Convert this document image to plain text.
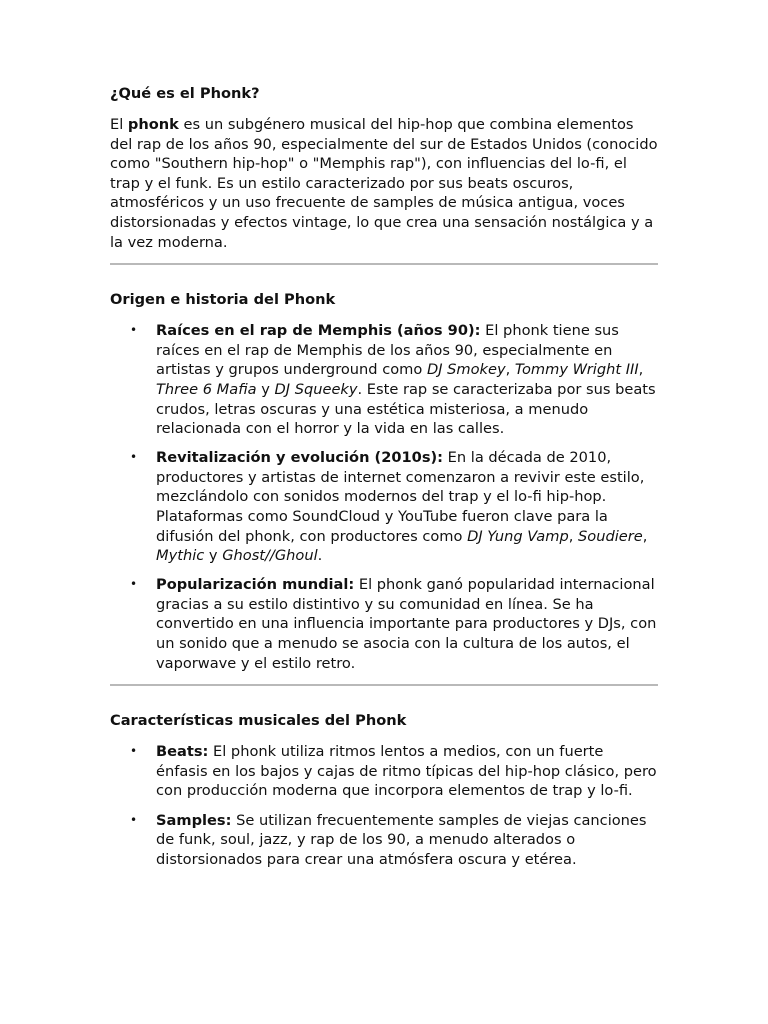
¿Qué es el Phonk?

El phonk es un subgénero musical del hip-hop que combina elementos del rap de los años 90, especialmente del sur de Estados Unidos (conocido como "Southern hip-hop" o "Memphis rap"), con influencias del lo-fi, el trap y el funk. Es un estilo caracterizado por sus beats oscuros, atmosféricos y un uso frecuente de samples de música antigua, voces distorsionadas y efectos vintage, lo que crea una sensación nostálgica y a la vez moderna.

Origen e historia del Phonk
• Raíces en el rap de Memphis (años 90): El phonk tiene sus raíces en el rap de Memphis de los años 90, especialmente en artistas y grupos underground como DJ Smokey, Tommy Wright III, Three 6 Mafia y DJ Squeeky. Este rap se caracterizaba por sus beats crudos, letras oscuras y una estética misteriosa, a menudo relacionada con el horror y la vida en las calles.
• Revitalización y evolución (2010s): En la década de 2010, productores y artistas de internet comenzaron a revivir este estilo, mezclándolo con sonidos modernos del trap y el lo-fi hip-hop. Plataformas como SoundCloud y YouTube fueron clave para la difusión del phonk, con productores como DJ Yung Vamp, Soudiere, Mythic y Ghost//Ghoul.
• Popularización mundial: El phonk ganó popularidad internacional gracias a su estilo distintivo y su comunidad en línea. Se ha convertido en una influencia importante para productores y DJs, con un sonido que a menudo se asocia con la cultura de los autos, el vaporwave y el estilo retro.
Características musicales del Phonk
• Beats: El phonk utiliza ritmos lentos a medios, con un fuerte énfasis en los bajos y cajas de ritmo típicas del hip-hop clásico, pero con producción moderna que incorpora elementos de trap y lo-fi.
• Samples: Se utilizan frecuentemente samples de viejas canciones de funk, soul, jazz, y rap de los 90, a menudo alterados o distorsionados para crear una atmósfera oscura y etérea.
